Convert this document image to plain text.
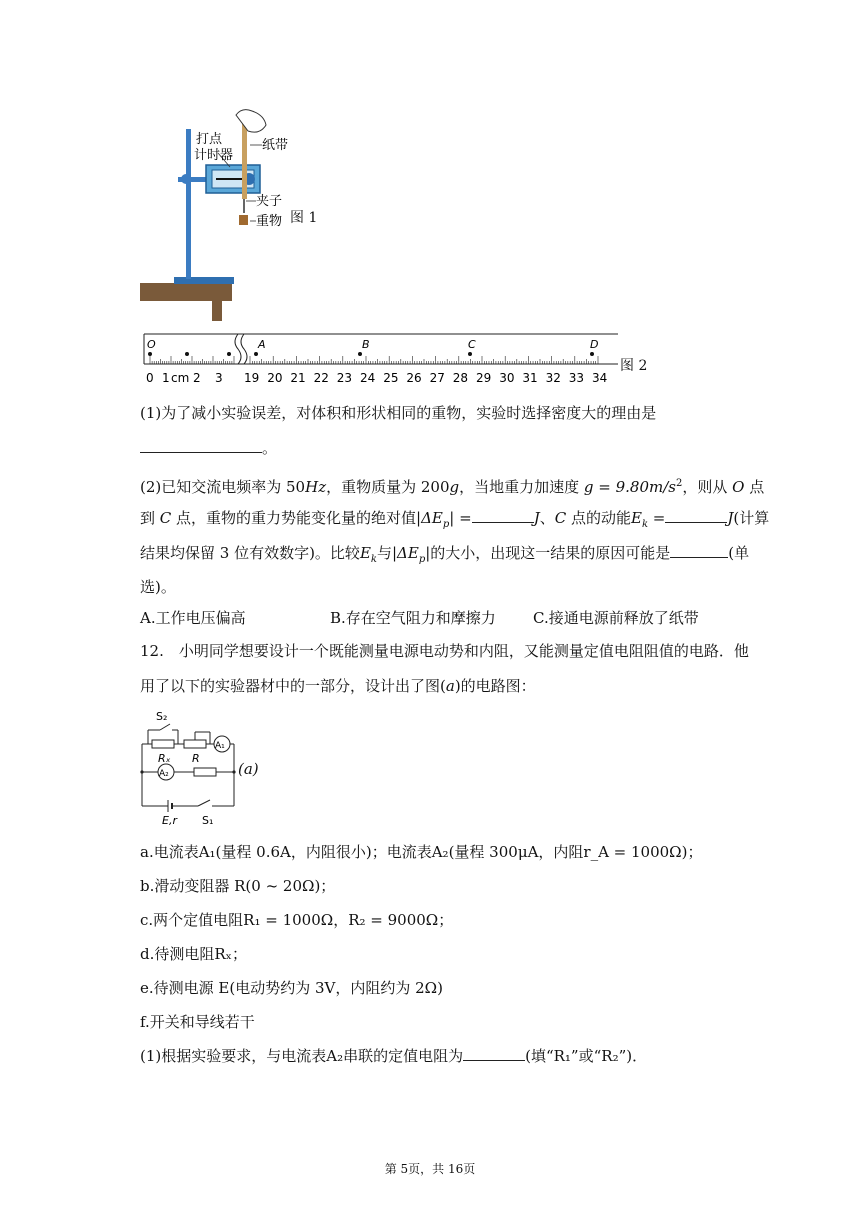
打点
计时器
纸带
夹子
重物 图 1
O	A	B	C	D
0 1 cm 2 3 19 20 21 22 23 24 25 26 27 28 29 30 31 32 33 34
图 2
(1)为了减小实验误差，对体积和形状相同的重物，实验时选择密度大的理由是
。
(2)已知交流电频率为 50Hz，重物质量为 200g，当地重力加速度 $g = 9.80m/s^2$，则从 O 点
到 C 点，重物的重力势能变化量的绝对值$|\Delta E_p|$ =	J、C 点的动能$E_k$ =	J(计算
结果均保留 3 位有效数字)。比较$E_k$与$|\Delta E_p|$的大小，出现这一结果的原因可能是	(单
选)。
A.工作电压偏高	B.存在空气阻力和摩擦力 C.接通电源前释放了纸带
12.　小明同学想要设计一个既能测量电源电动势和内阻，又能测量定值电阻阻值的电路．他
用了以下的实验器材中的一部分，设计出了图(a)的电路图：
S₂
Rₓ R
A₁
A₂
E,r S₁
(a)
a.电流表A₁(量程 0.6A，内阻很小)；电流表A₂(量程 300μA，内阻r_A = 1000Ω)；
b.滑动变阻器 R(0 ~ 20Ω)；
c.两个定值电阻R₁ = 1000Ω，R₂ = 9000Ω；
d.待测电阻Rₓ；
e.待测电源 E(电动势约为 3V，内阻约为 2Ω)
f.开关和导线若干
(1)根据实验要求，与电流表A₂串联的定值电阻为	(填“R₁”或“R₂”)．
第 5页，共 16页
